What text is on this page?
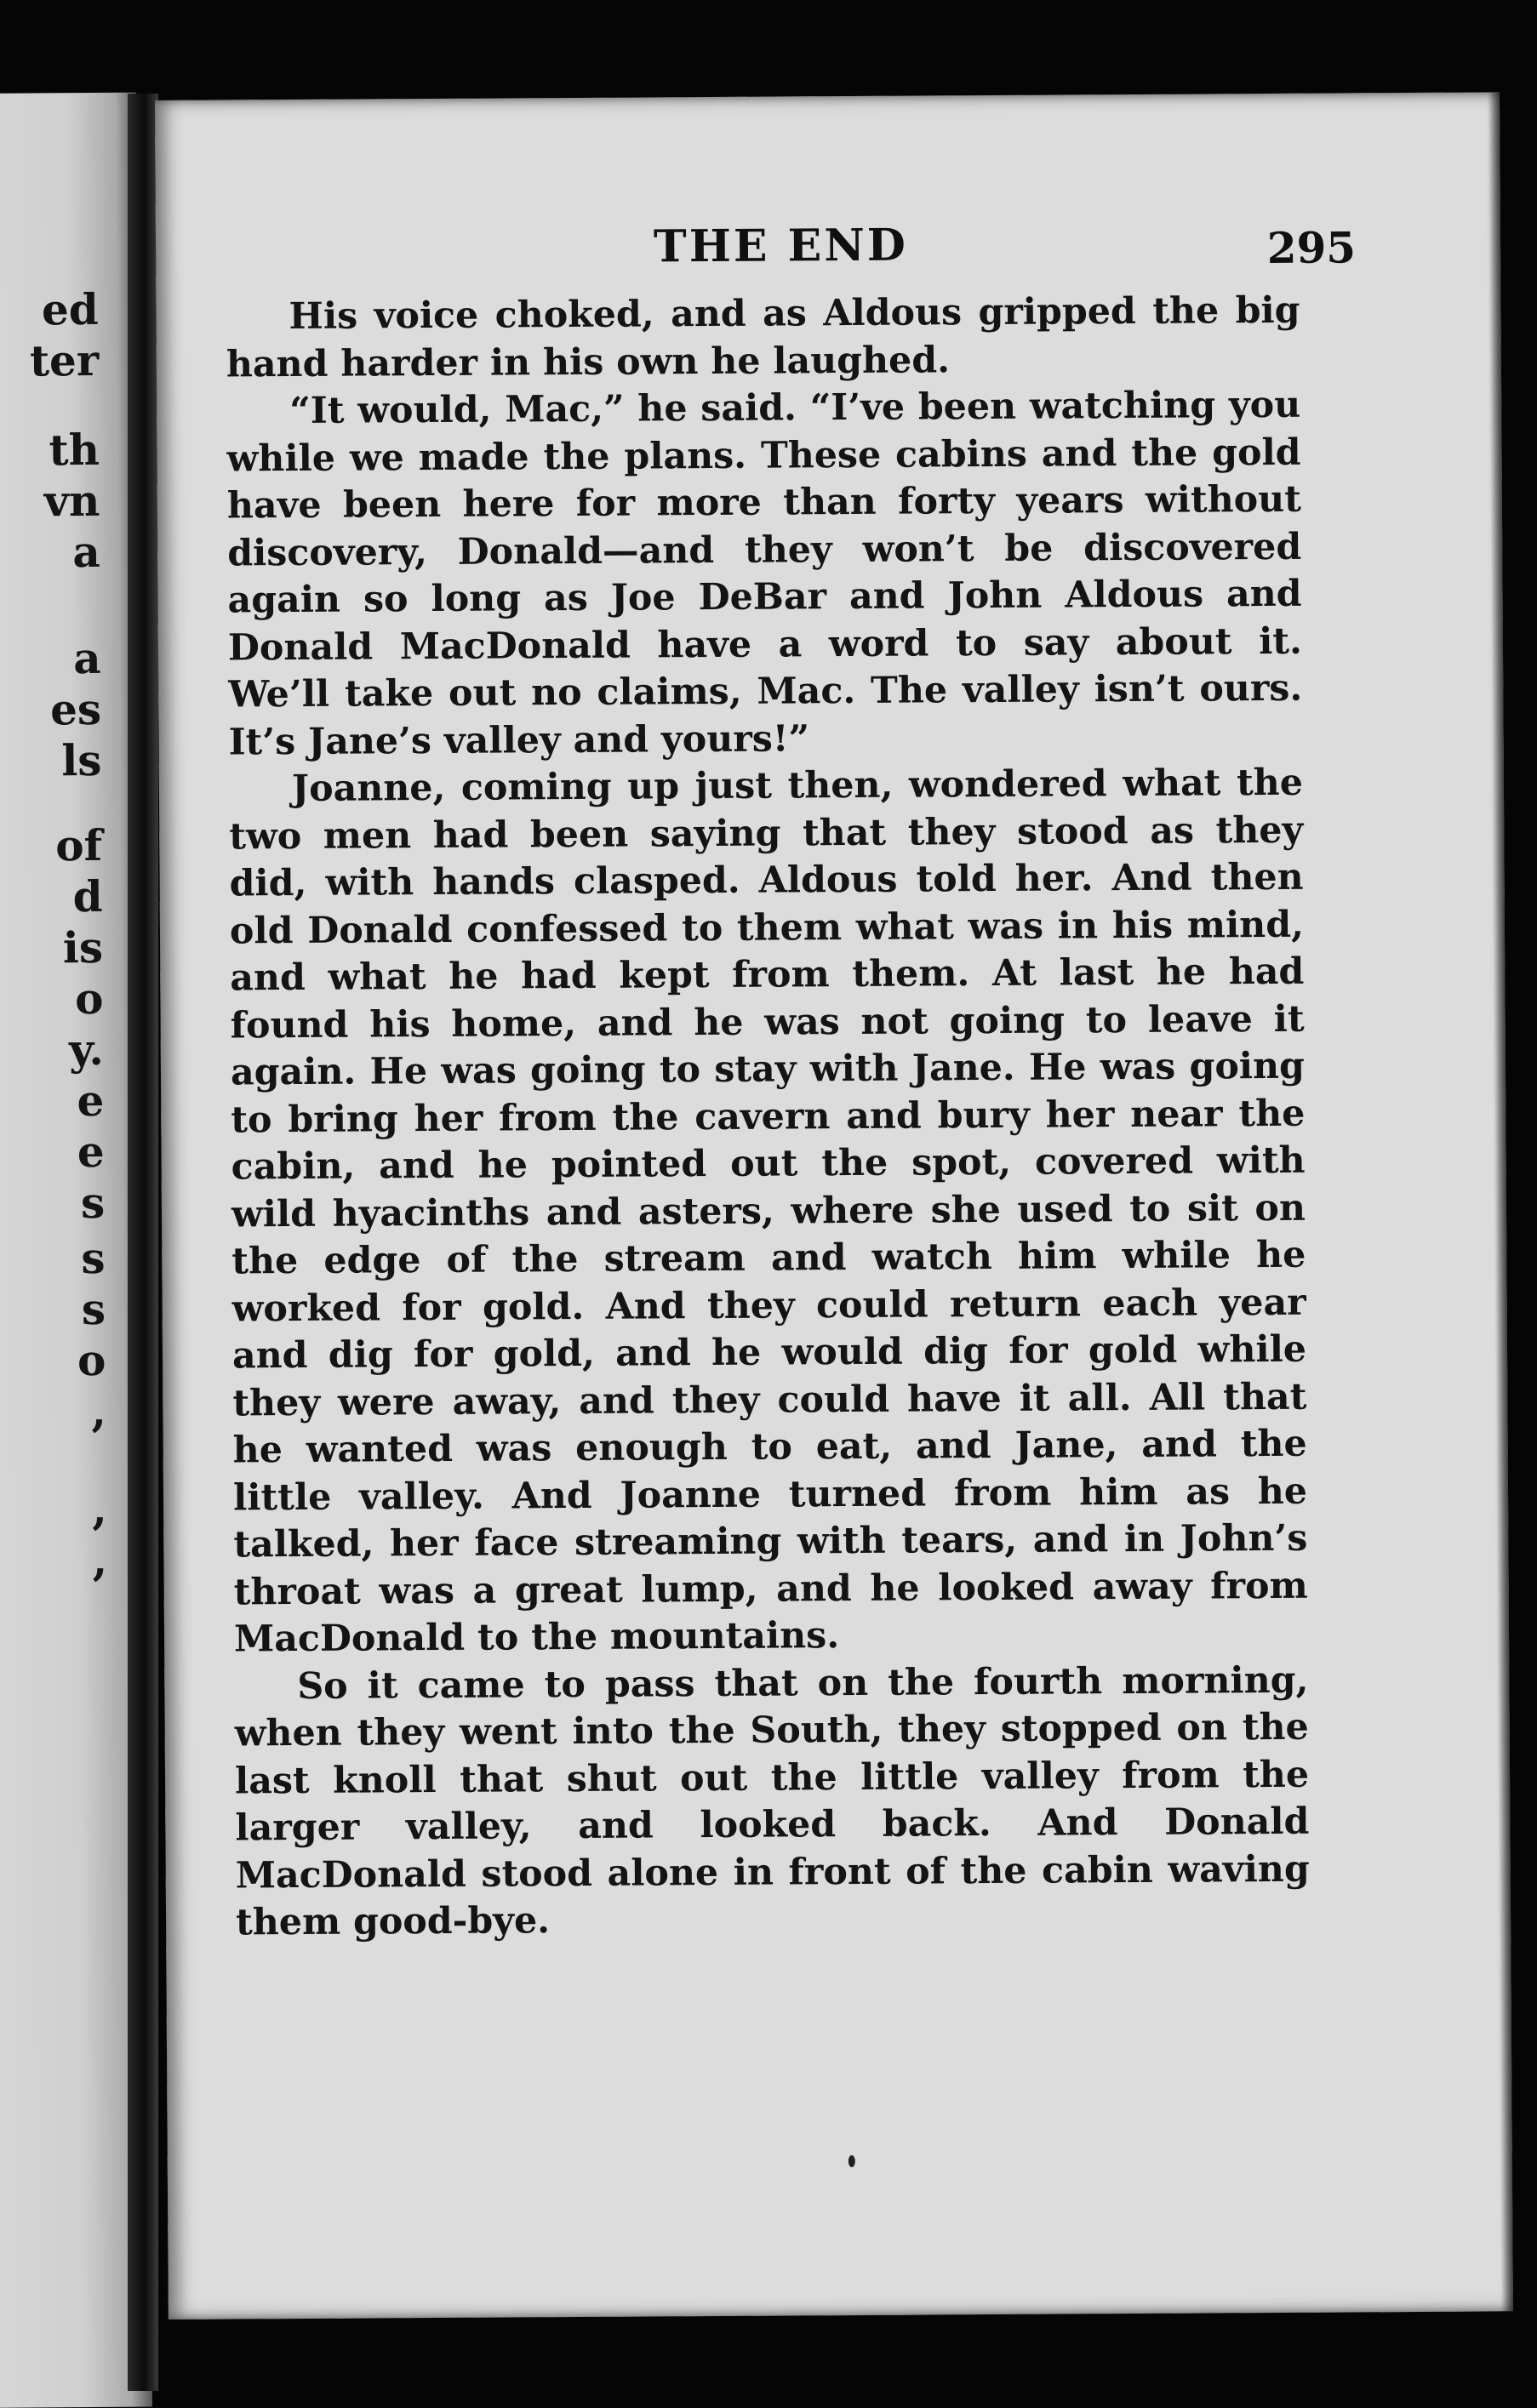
ed
ter
th
vn
a
a
es
ls
of
d
is
o
y.
e
e
s
s
s
o
,
,
,
THE END	295

His voice choked, and as Aldous gripped the big hand harder in his own he laughed.

“It would, Mac,” he said. “I’ve been watching you while we made the plans. These cabins and the gold have been here for more than forty years without discovery, Donald—and they won’t be discovered again so long as Joe DeBar and John Aldous and Donald MacDonald have a word to say about it. We’ll take out no claims, Mac. The valley isn’t ours. It’s Jane’s valley and yours!”

Joanne, coming up just then, wondered what the two men had been saying that they stood as they did, with hands clasped. Aldous told her. And then old Donald confessed to them what was in his mind, and what he had kept from them. At last he had found his home, and he was not going to leave it again. He was going to stay with Jane. He was going to bring her from the cavern and bury her near the cabin, and he pointed out the spot, covered with wild hyacinths and asters, where she used to sit on the edge of the stream and watch him while he worked for gold. And they could return each year and dig for gold, and he would dig for gold while they were away, and they could have it all. All that he wanted was enough to eat, and Jane, and the little valley. And Joanne turned from him as he talked, her face streaming with tears, and in John’s throat was a great lump, and he looked away from MacDonald to the mountains.

So it came to pass that on the fourth morning, when they went into the South, they stopped on the last knoll that shut out the little valley from the larger valley, and looked back. And Donald MacDonald stood alone in front of the cabin waving them good-bye.
